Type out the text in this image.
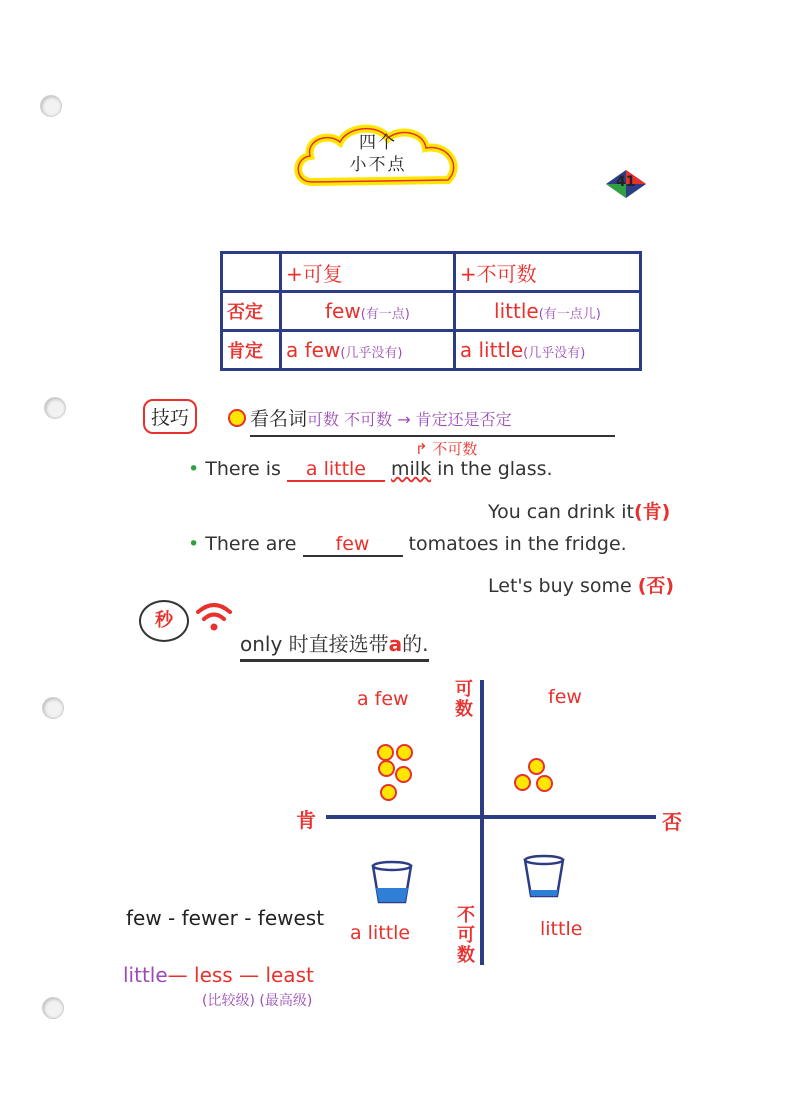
四个
小不点
41
	+可复	+不可数
否定	few(有一点)	little(有一点儿)
肯定	a few(几乎没有)	a little(几乎没有)
技巧	看名词可数 不可数 → 肯定还是否定
↱ 不可数
• There is a little milk in the glass.
You can drink it(肯)
• There are few tomatoes in the fridge.
Let's buy some (否)
秒
only 时直接选带a的.
可数
不可数
肯	否
a few	few
a little	little
few - fewer - fewest
little— less — least
(比较级) (最高级)
